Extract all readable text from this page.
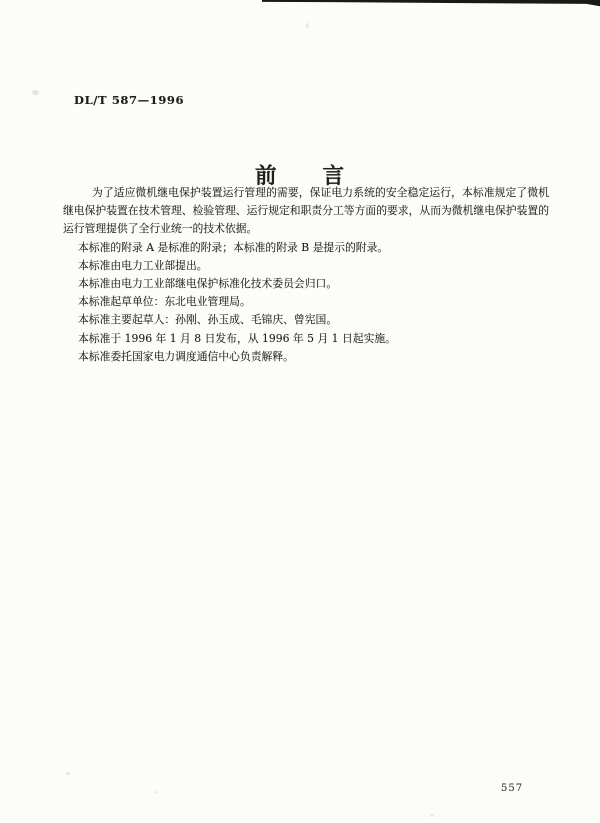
DL/T 587—1996
前 言

为了适应微机继电保护装置运行管理的需要，保证电力系统的安全稳定运行，本标准规定了微机继电保护装置在技术管理、检验管理、运行规定和职责分工等方面的要求，从而为微机继电保护装置的运行管理提供了全行业统一的技术依据。

本标准的附录 A 是标准的附录；本标准的附录 B 是提示的附录。

本标准由电力工业部提出。

本标准由电力工业部继电保护标准化技术委员会归口。

本标准起草单位：东北电业管理局。

本标准主要起草人：孙刚、孙玉成、毛锦庆、曾宪国。

本标准于 1996 年 1 月 8 日发布，从 1996 年 5 月 1 日起实施。

本标准委托国家电力调度通信中心负责解释。

557
